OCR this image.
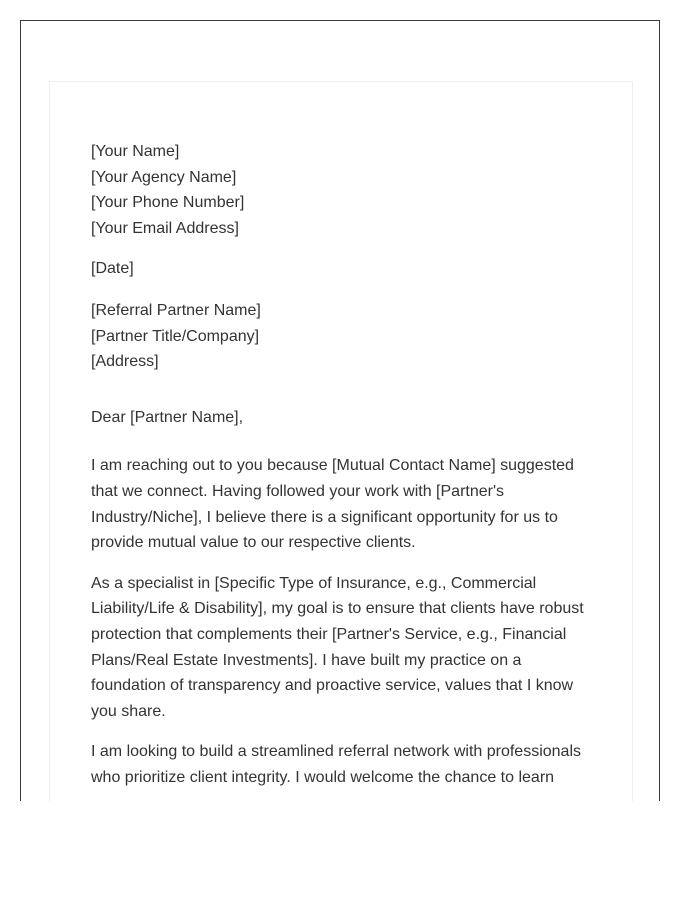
[Your Name]
[Your Agency Name]
[Your Phone Number]
[Your Email Address]
[Date]
[Referral Partner Name]
[Partner Title/Company]
[Address]
Dear [Partner Name],

I am reaching out to you because [Mutual Contact Name] suggested that we connect. Having followed your work with [Partner's Industry/Niche], I believe there is a significant opportunity for us to provide mutual value to our respective clients.

As a specialist in [Specific Type of Insurance, e.g., Commercial Liability/Life & Disability], my goal is to ensure that clients have robust protection that complements their [Partner's Service, e.g., Financial Plans/Real Estate Investments]. I have built my practice on a foundation of transparency and proactive service, values that I know you share.

I am looking to build a streamlined referral network with professionals who prioritize client integrity. I would welcome the chance to learn
